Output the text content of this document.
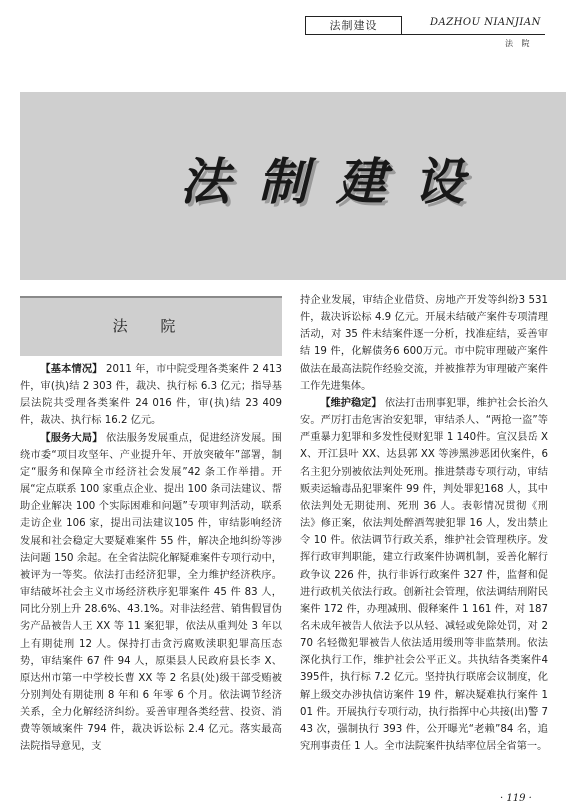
法制建设	DAZHOU NIANJIAN
法 院
法制建设
法 院

【基本情况】 2011 年，市中院受理各类案件 2 413件，审(执)结 2 303 件，裁决、执行标 6.3 亿元；指导基层法院共受理各类案件 24 016 件，审(执)结 23 409件，裁决、执行标 16.2 亿元。

【服务大局】 依法服务发展重点，促进经济发展。围绕市委“项目攻坚年、产业提升年、开放突破年”部署，制定“服务和保障全市经济社会发展”42 条工作举措。开展“定点联系 100 家重点企业、提出 100 条司法建议、帮助企业解决 100 个实际困难和问题”专项审判活动，联系走访企业 106 家，提出司法建议105 件，审结影响经济发展和社会稳定大要疑难案件 55 件，解决企地纠纷等涉法问题 150 余起。在全省法院化解疑难案件专项行动中，被评为一等奖。依法打击经济犯罪，全力维护经济秩序。审结破坏社会主义市场经济秩序犯罪案件 45 件 83 人，同比分别上升 28.6%、43.1%。对非法经营、销售假冒伪劣产品被告人王 XX 等 11 案犯罪，依法从重判处 3 年以上有期徒刑 12 人。保持打击贪污腐败渎职犯罪高压态势，审结案件 67 件 94 人，原渠县人民政府县长李 X、原达州市第一中学校长曹 XX 等 2 名县(处)级干部受贿被分别判处有期徒刑 8 年和 6 年零 6 个月。依法调节经济关系，全力化解经济纠纷。妥善审理各类经营、投资、消费等领域案件 794 件，裁决诉讼标 2.4 亿元。落实最高法院指导意见，支

持企业发展，审结企业借贷、房地产开发等纠纷3 531 件，裁决诉讼标 4.9 亿元。开展未结破产案件专项清理活动，对 35 件未结案件逐一分析，找准症结，妥善审结 19 件，化解债务6 600万元。市中院审理破产案件做法在最高法院作经验交流，并被推荐为审理破产案件工作先进集体。

【维护稳定】 依法打击刑事犯罪，维护社会长治久安。严厉打击危害治安犯罪，审结杀人、“两抢一盗”等严重暴力犯罪和多发性侵财犯罪 1 140件。宣汉县岳 XX、开江县叶 XX、达县郭 XX 等涉黑涉恶团伙案件，6 名主犯分别被依法判处死刑。推进禁毒专项行动，审结贩卖运输毒品犯罪案件 99 件，判处罪犯168 人，其中依法判处无期徒刑、死刑 36 人。表彰情况贯彻《刑法》修正案，依法判处醉酒驾驶犯罪 16 人，发出禁止令 10 件。依法调节行政关系，维护社会管理秩序。发挥行政审判职能，建立行政案件协调机制，妥善化解行政争议 226 件，执行非诉行政案件 327 件，监督和促进行政机关依法行政。创新社会管理，依法调结刑附民案件 172 件，办理减刑、假释案件 1 161 件，对 187 名未成年被告人依法予以从轻、减轻或免除处罚，对 270 名轻微犯罪被告人依法适用缓刑等非监禁刑。依法深化执行工作，维护社会公平正义。共执结各类案件4 395件，执行标 7.2 亿元。坚持执行联席会议制度，化解上级交办涉执信访案件 19 件，解决疑难执行案件 101 件。开展执行专项行动，执行指挥中心共接(出)警 743 次，强制执行 393 件，公开曝光“老赖”84 名，追究刑事责任 1 人。全市法院案件执结率位居全省第一。

· 119 ·
